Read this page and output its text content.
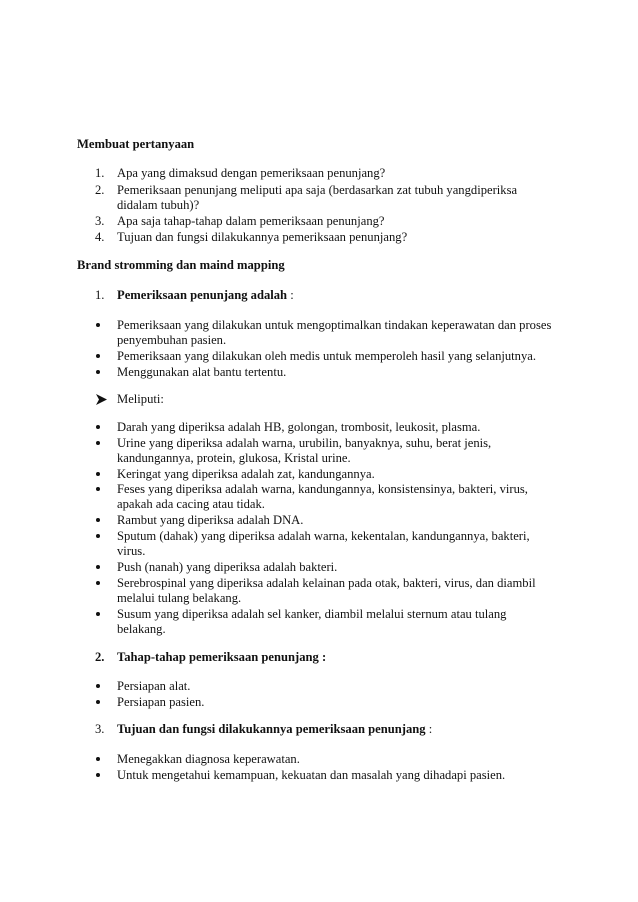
Membuat pertanyaan
1. Apa yang dimaksud dengan pemeriksaan penunjang?
2. Pemeriksaan penunjang meliputi apa saja (berdasarkan zat tubuh yangdiperiksa
didalam tubuh)?
3. Apa saja tahap-tahap dalam pemeriksaan penunjang?
4. Tujuan dan fungsi dilakukannya pemeriksaan penunjang?
Brand stromming dan maind mapping
1. Pemeriksaan penunjang adalah :
Pemeriksaan yang dilakukan untuk mengoptimalkan tindakan keperawatan dan proses
penyembuhan pasien.
Pemeriksaan yang dilakukan oleh medis untuk memperoleh hasil yang selanjutnya.
Menggunakan alat bantu tertentu.
Meliputi:
Darah yang diperiksa adalah HB, golongan, trombosit, leukosit, plasma.
Urine yang diperiksa adalah warna, urubilin, banyaknya, suhu, berat jenis,
kandungannya, protein, glukosa, Kristal urine.
Keringat yang diperiksa adalah zat, kandungannya.
Feses yang diperiksa adalah warna, kandungannya, konsistensinya, bakteri, virus,
apakah ada cacing atau tidak.
Rambut yang diperiksa adalah DNA.
Sputum (dahak) yang diperiksa adalah warna, kekentalan, kandungannya, bakteri,
virus.
Push (nanah) yang diperiksa adalah bakteri.
Serebrospinal yang diperiksa adalah kelainan pada otak, bakteri, virus, dan diambil
melalui tulang belakang.
Susum yang diperiksa adalah sel kanker, diambil melalui sternum atau tulang
belakang.
2. Tahap-tahap pemeriksaan penunjang :
Persiapan alat.
Persiapan pasien.
3. Tujuan dan fungsi dilakukannya pemeriksaan penunjang :
Menegakkan diagnosa keperawatan.
Untuk mengetahui kemampuan, kekuatan dan masalah yang dihadapi pasien.
